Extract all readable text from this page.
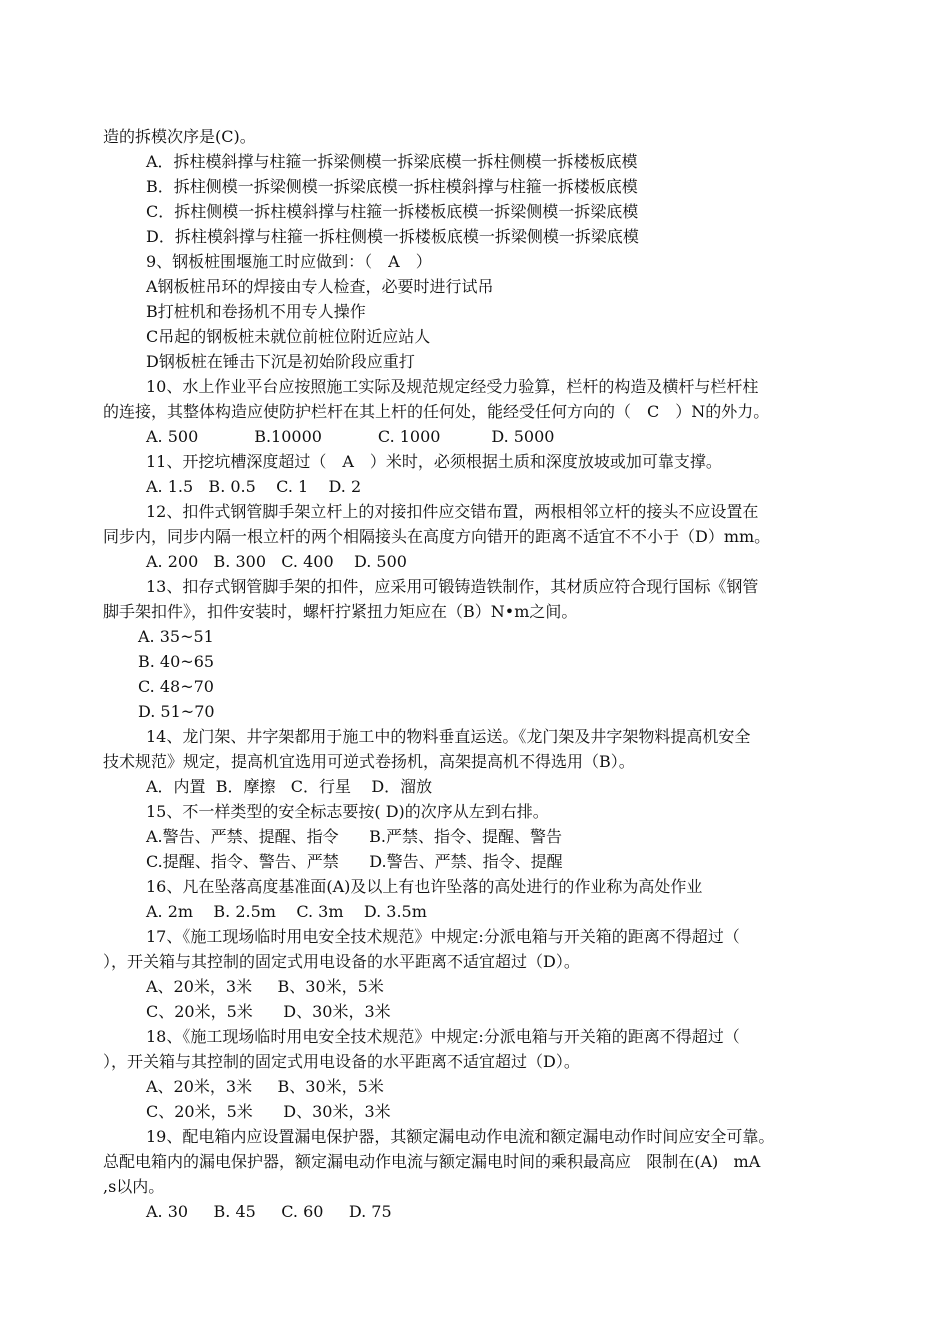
造的拆模次序是(C)。
A．拆柱模斜撑与柱箍一拆梁侧模一拆梁底模一拆柱侧模一拆楼板底模
B．拆柱侧模一拆梁侧模一拆梁底模一拆柱模斜撑与柱箍一拆楼板底模
C．拆柱侧模一拆柱模斜撑与柱箍一拆楼板底模一拆梁侧模一拆梁底模
D．拆柱模斜撑与柱箍一拆柱侧模一拆楼板底模一拆梁侧模一拆梁底模
9、钢板桩围堰施工时应做到：（　A　）
A钢板桩吊环的焊接由专人检查，必要时进行试吊
B打桩机和卷扬机不用专人操作
C吊起的钢板桩未就位前桩位附近应站人
D钢板桩在锤击下沉是初始阶段应重打
10、水上作业平台应按照施工实际及规范规定经受力验算，栏杆的构造及横杆与栏杆柱
的连接，其整体构造应使防护栏杆在其上杆的任何处，能经受任何方向的（　C　）N的外力。
A. 500           B.10000           C. 1000          D. 5000
11、开挖坑槽深度超过（　A　）米时，必须根据土质和深度放坡或加可靠支撑。
A. 1.5   B. 0.5    C. 1    D. 2
12、扣件式钢管脚手架立杆上的对接扣件应交错布置，两根相邻立杆的接头不应设置在
同步内，同步内隔一根立杆的两个相隔接头在高度方向错开的距离不适宜不不小于（D）mm。
A. 200   B. 300   C. 400    D. 500
13、扣存式钢管脚手架的扣件，应采用可锻铸造铁制作，其材质应符合现行国标《钢管
脚手架扣件》，扣件安装时，螺杆拧紧扭力矩应在（B）N•m之间。
A. 35~51
B. 40~65
C. 48~70
D. 51~70
14、龙门架、井字架都用于施工中的物料垂直运送。《龙门架及井字架物料提高机安全
技术规范》规定，提高机宜选用可逆式卷扬机，高架提高机不得选用（B）。
A．内置  B．摩擦   C．行星    D．溜放
15、不一样类型的安全标志要按( D)的次序从左到右排。
A.警告、严禁、提醒、指令      B.严禁、指令、提醒、警告
C.提醒、指令、警告、严禁      D.警告、严禁、指令、提醒
16、凡在坠落高度基准面(A)及以上有也许坠落的高处进行的作业称为高处作业
A. 2m    B. 2.5m    C. 3m    D. 3.5m
17、《施工现场临时用电安全技术规范》中规定:分派电箱与开关箱的距离不得超过（
），开关箱与其控制的固定式用电设备的水平距离不适宜超过（D）。
A、20米，3米     B、30米，5米
C、20米，5米      D、30米，3米
18、《施工现场临时用电安全技术规范》中规定:分派电箱与开关箱的距离不得超过（
），开关箱与其控制的固定式用电设备的水平距离不适宜超过（D）。
A、20米，3米     B、30米，5米
C、20米，5米      D、30米，3米
19、配电箱内应设置漏电保护器，其额定漏电动作电流和额定漏电动作时间应安全可靠。
总配电箱内的漏电保护器，额定漏电动作电流与额定漏电时间的乘积最高应   限制在(A)   mA
,s以内。
A. 30     B. 45     C. 60     D. 75
